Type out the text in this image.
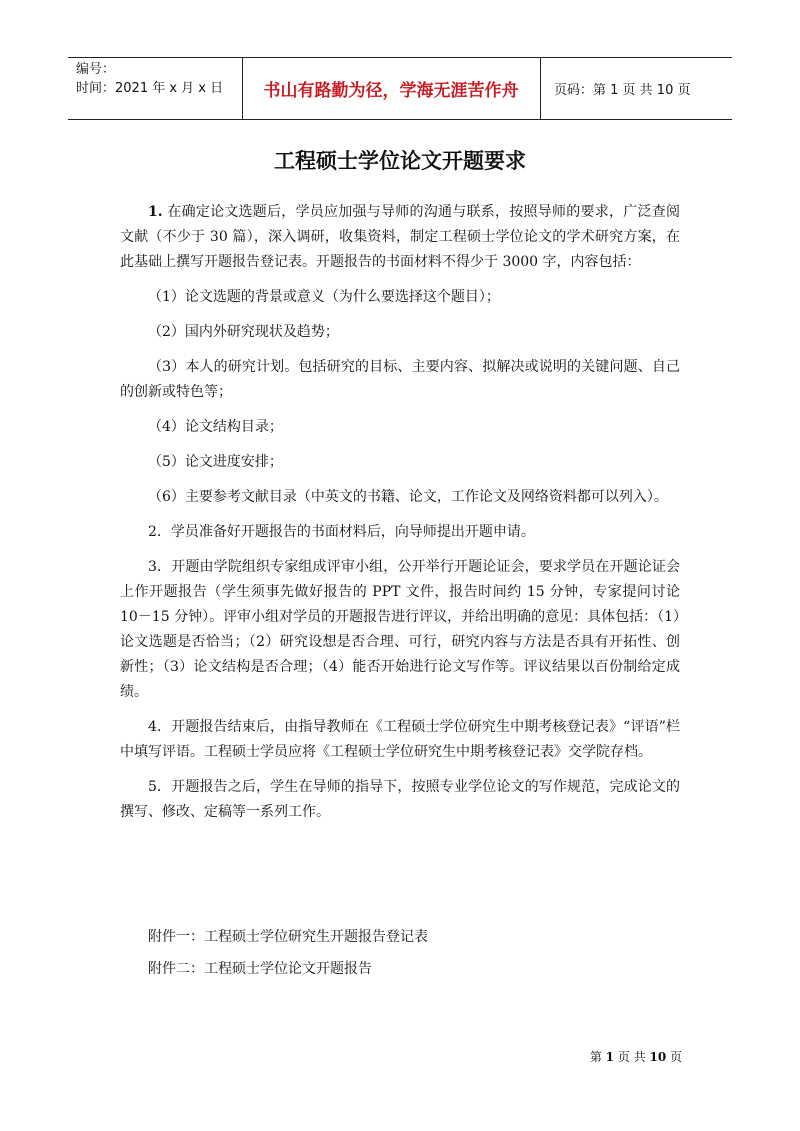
编号：
时间：2021 年 x 月 x 日	书山有路勤为径，学海无涯苦作舟	页码：第 1 页 共 10 页
工程硕士学位论文开题要求

1. 在确定论文选题后，学员应加强与导师的沟通与联系，按照导师的要求，广泛查阅文献（不少于 30 篇），深入调研，收集资料，制定工程硕士学位论文的学术研究方案，在此基础上撰写开题报告登记表。开题报告的书面材料不得少于 3000 字，内容包括：

（1）论文选题的背景或意义（为什么要选择这个题目）；

（2）国内外研究现状及趋势；

（3）本人的研究计划。包括研究的目标、主要内容、拟解决或说明的关键问题、自己的创新或特色等；

（4）论文结构目录；

（5）论文进度安排；

（6）主要参考文献目录（中英文的书籍、论文，工作论文及网络资料都可以列入）。

2．学员准备好开题报告的书面材料后，向导师提出开题申请。

3．开题由学院组织专家组成评审小组，公开举行开题论证会，要求学员在开题论证会上作开题报告（学生须事先做好报告的 PPT 文件，报告时间约 15 分钟，专家提问讨论 10－15 分钟）。评审小组对学员的开题报告进行评议，并给出明确的意见：具体包括：（1）论文选题是否恰当；（2）研究设想是否合理、可行，研究内容与方法是否具有开拓性、创新性；（3）论文结构是否合理；（4）能否开始进行论文写作等。评议结果以百份制给定成绩。

4．开题报告结束后，由指导教师在《工程硕士学位研究生中期考核登记表》“评语”栏中填写评语。工程硕士学员应将《工程硕士学位研究生中期考核登记表》交学院存档。

5．开题报告之后，学生在导师的指导下，按照专业学位论文的写作规范，完成论文的撰写、修改、定稿等一系列工作。

附件一：工程硕士学位研究生开题报告登记表
附件二：工程硕士学位论文开题报告
第 1 页 共 10 页
